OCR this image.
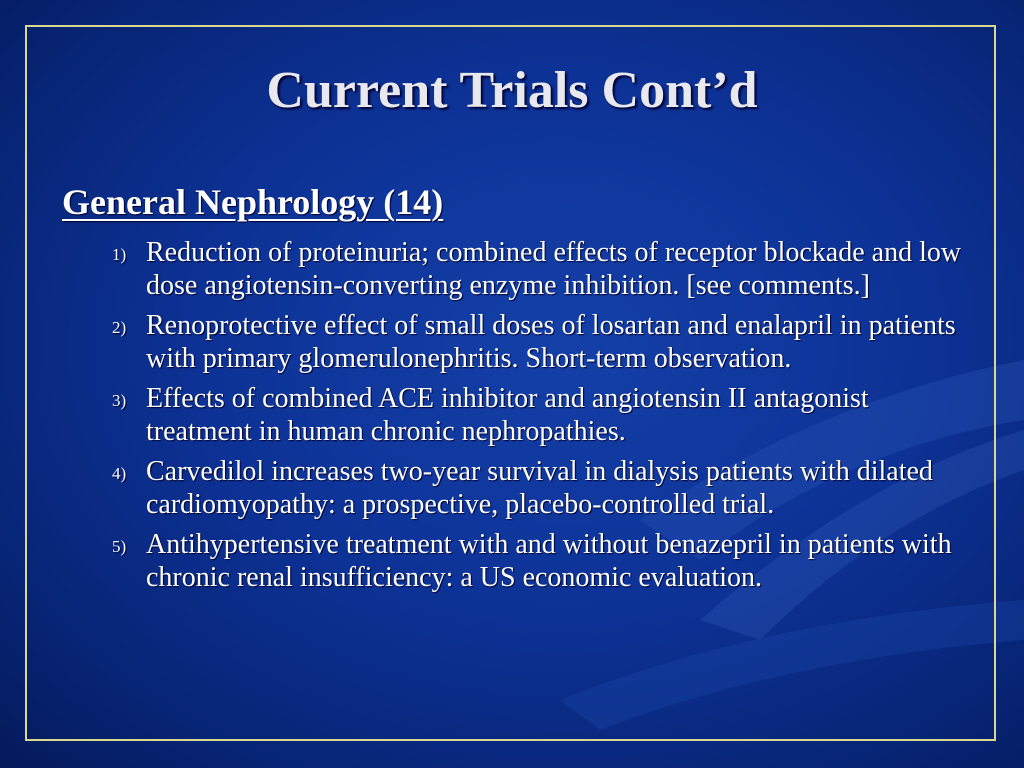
Current Trials Cont’d
General Nephrology (14)
1) Reduction of proteinuria; combined effects of receptor blockade and low dose angiotensin-converting enzyme inhibition. [see comments.]
2) Renoprotective effect of small doses of losartan and enalapril in patients with primary glomerulonephritis. Short-term observation.
3) Effects of combined ACE inhibitor and angiotensin II antagonist treatment in human chronic nephropathies.
4) Carvedilol increases two-year survival in dialysis patients with dilated cardiomyopathy: a prospective, placebo-controlled trial.
5) Antihypertensive treatment with and without benazepril in patients with chronic renal insufficiency: a US economic evaluation.
